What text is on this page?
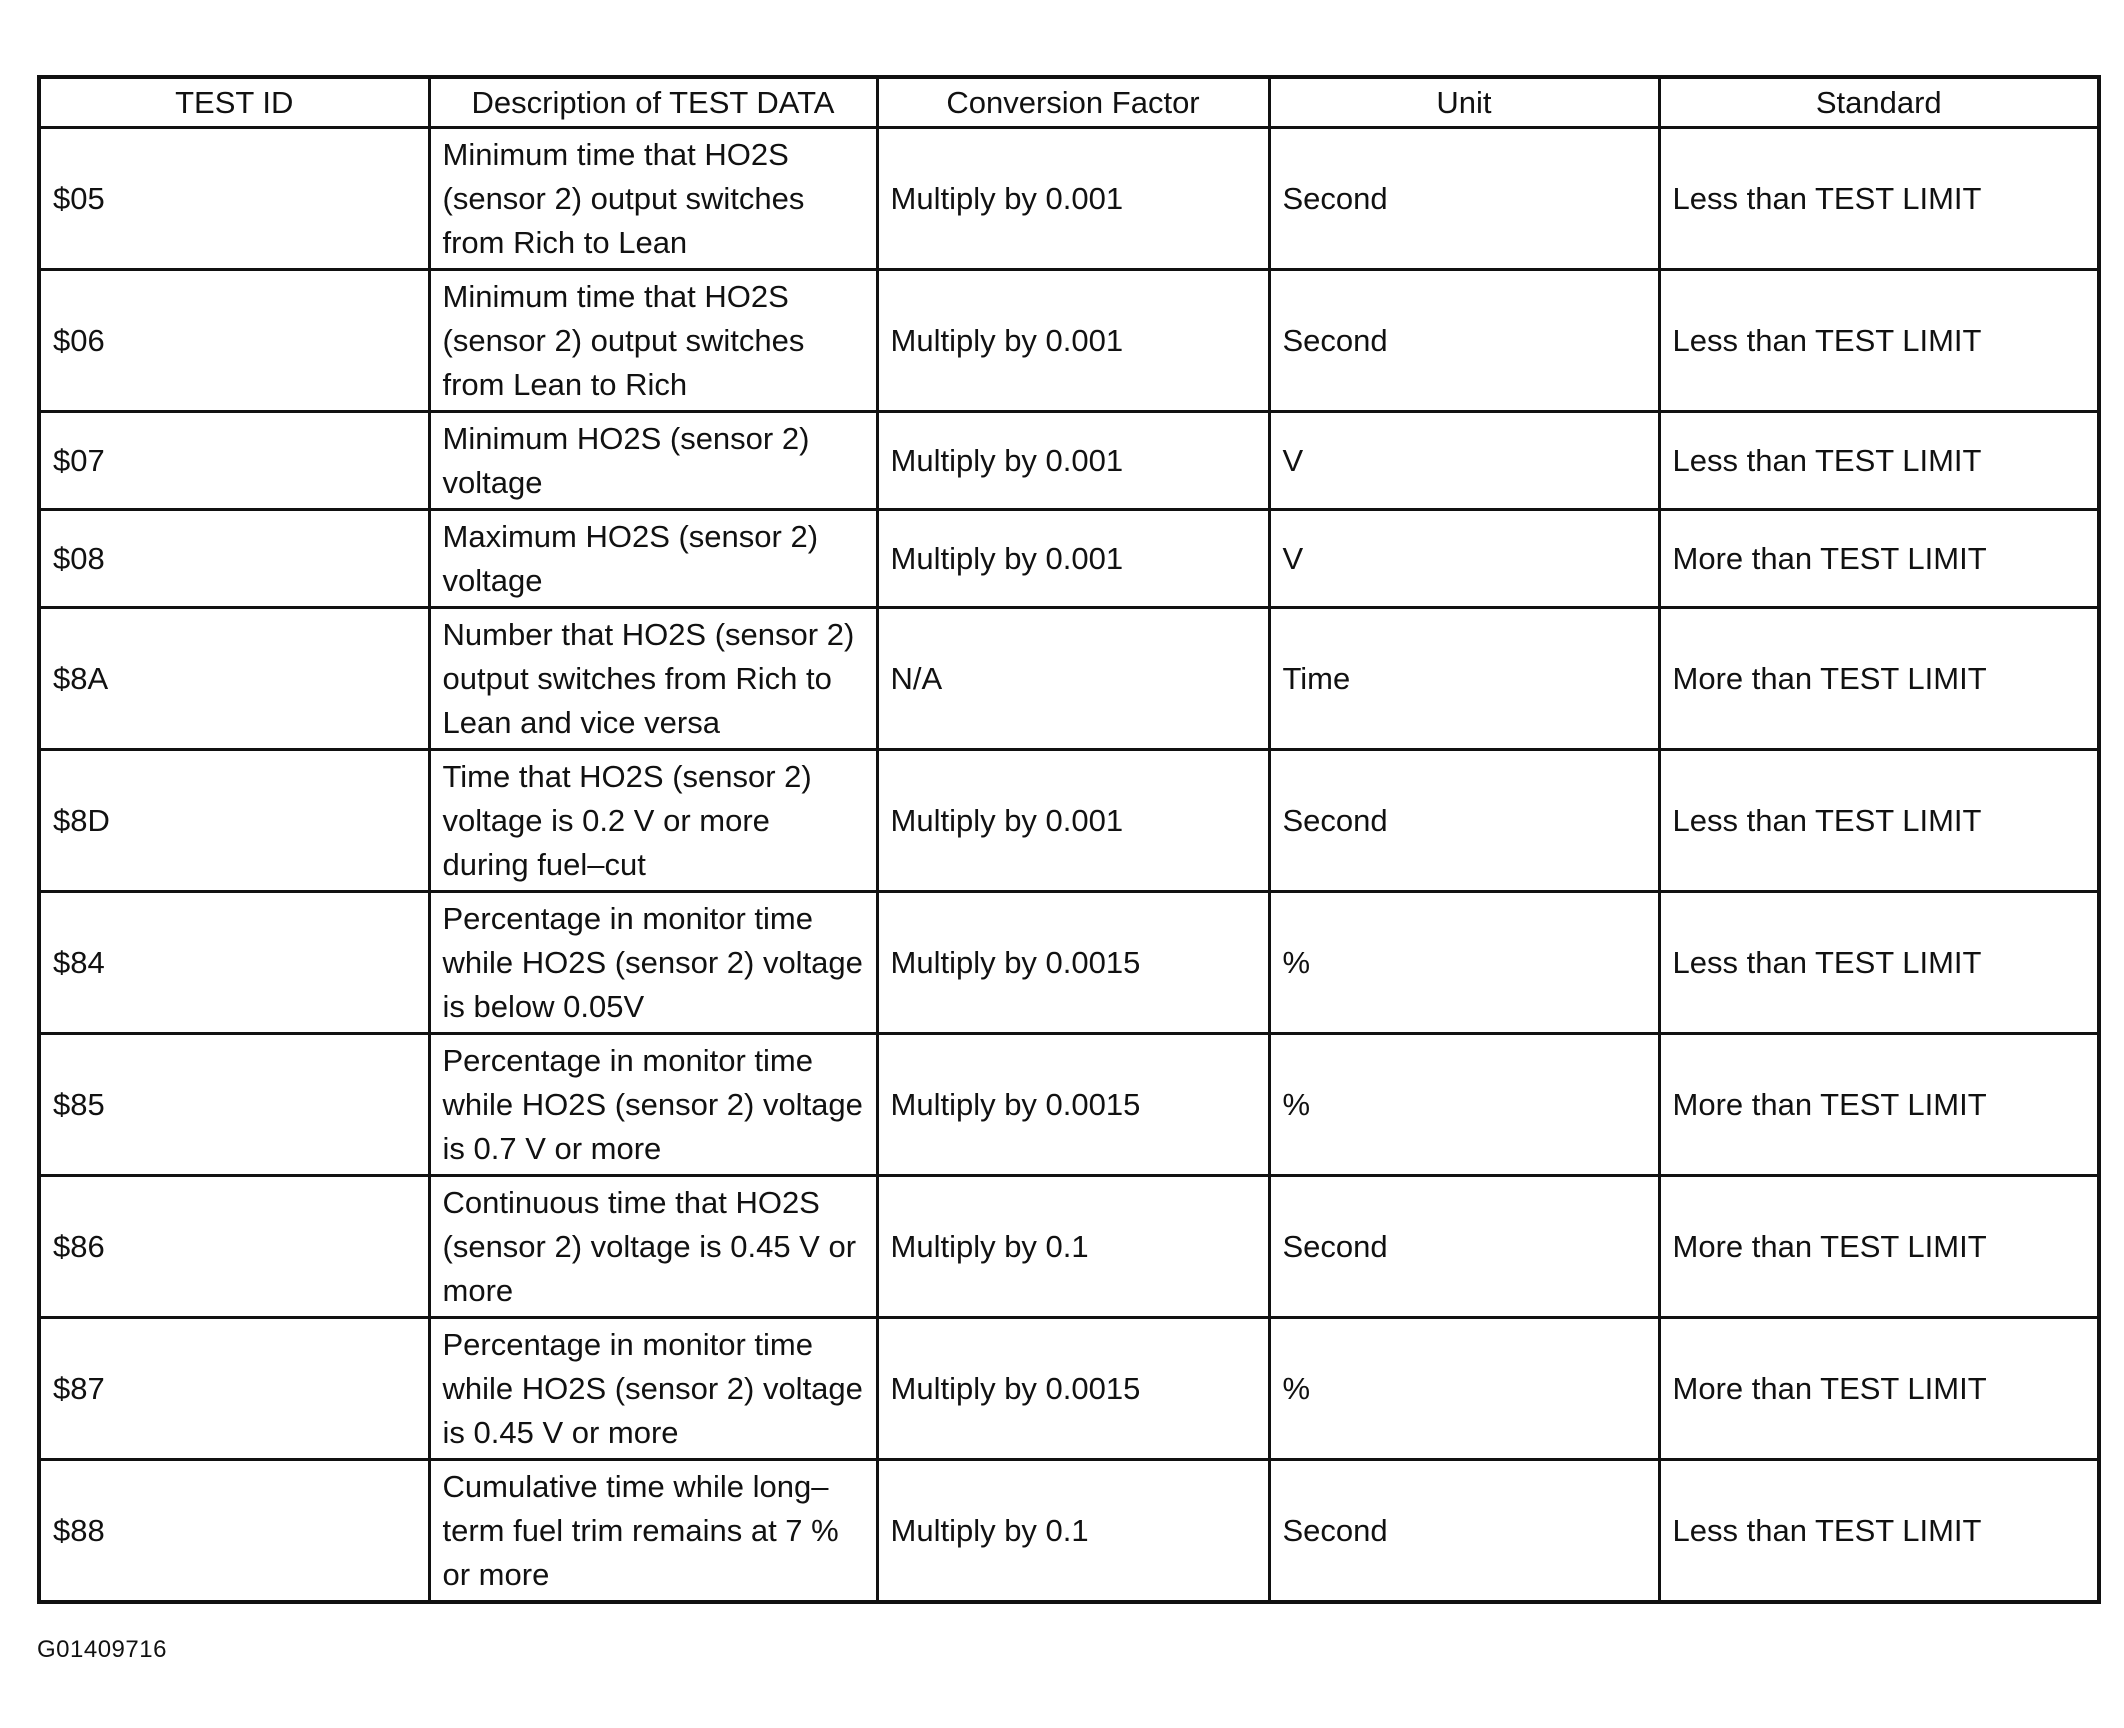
TEST ID	Description of TEST DATA	Conversion Factor	Unit	Standard
$05	Minimum time that HO2S (sensor 2) output switches from Rich to Lean	Multiply by 0.001	Second	Less than TEST LIMIT
$06	Minimum time that HO2S (sensor 2) output switches from Lean to Rich	Multiply by 0.001	Second	Less than TEST LIMIT
$07	Minimum HO2S (sensor 2) voltage	Multiply by 0.001	V	Less than TEST LIMIT
$08	Maximum HO2S (sensor 2) voltage	Multiply by 0.001	V	More than TEST LIMIT
$8A	Number that HO2S (sensor 2) output switches from Rich to Lean and vice versa	N/A	Time	More than TEST LIMIT
$8D	Time that HO2S (sensor 2) voltage is 0.2 V or more during fuel–cut	Multiply by 0.001	Second	Less than TEST LIMIT
$84	Percentage in monitor time while HO2S (sensor 2) voltage is below 0.05V	Multiply by 0.0015	%	Less than TEST LIMIT
$85	Percentage in monitor time while HO2S (sensor 2) voltage is 0.7 V or more	Multiply by 0.0015	%	More than TEST LIMIT
$86	Continuous time that HO2S (sensor 2) voltage is 0.45 V or more	Multiply by 0.1	Second	More than TEST LIMIT
$87	Percentage in monitor time while HO2S (sensor 2) voltage is 0.45 V or more	Multiply by 0.0015	%	More than TEST LIMIT
$88	Cumulative time while long–term fuel trim remains at 7 % or more	Multiply by 0.1	Second	Less than TEST LIMIT
G01409716
